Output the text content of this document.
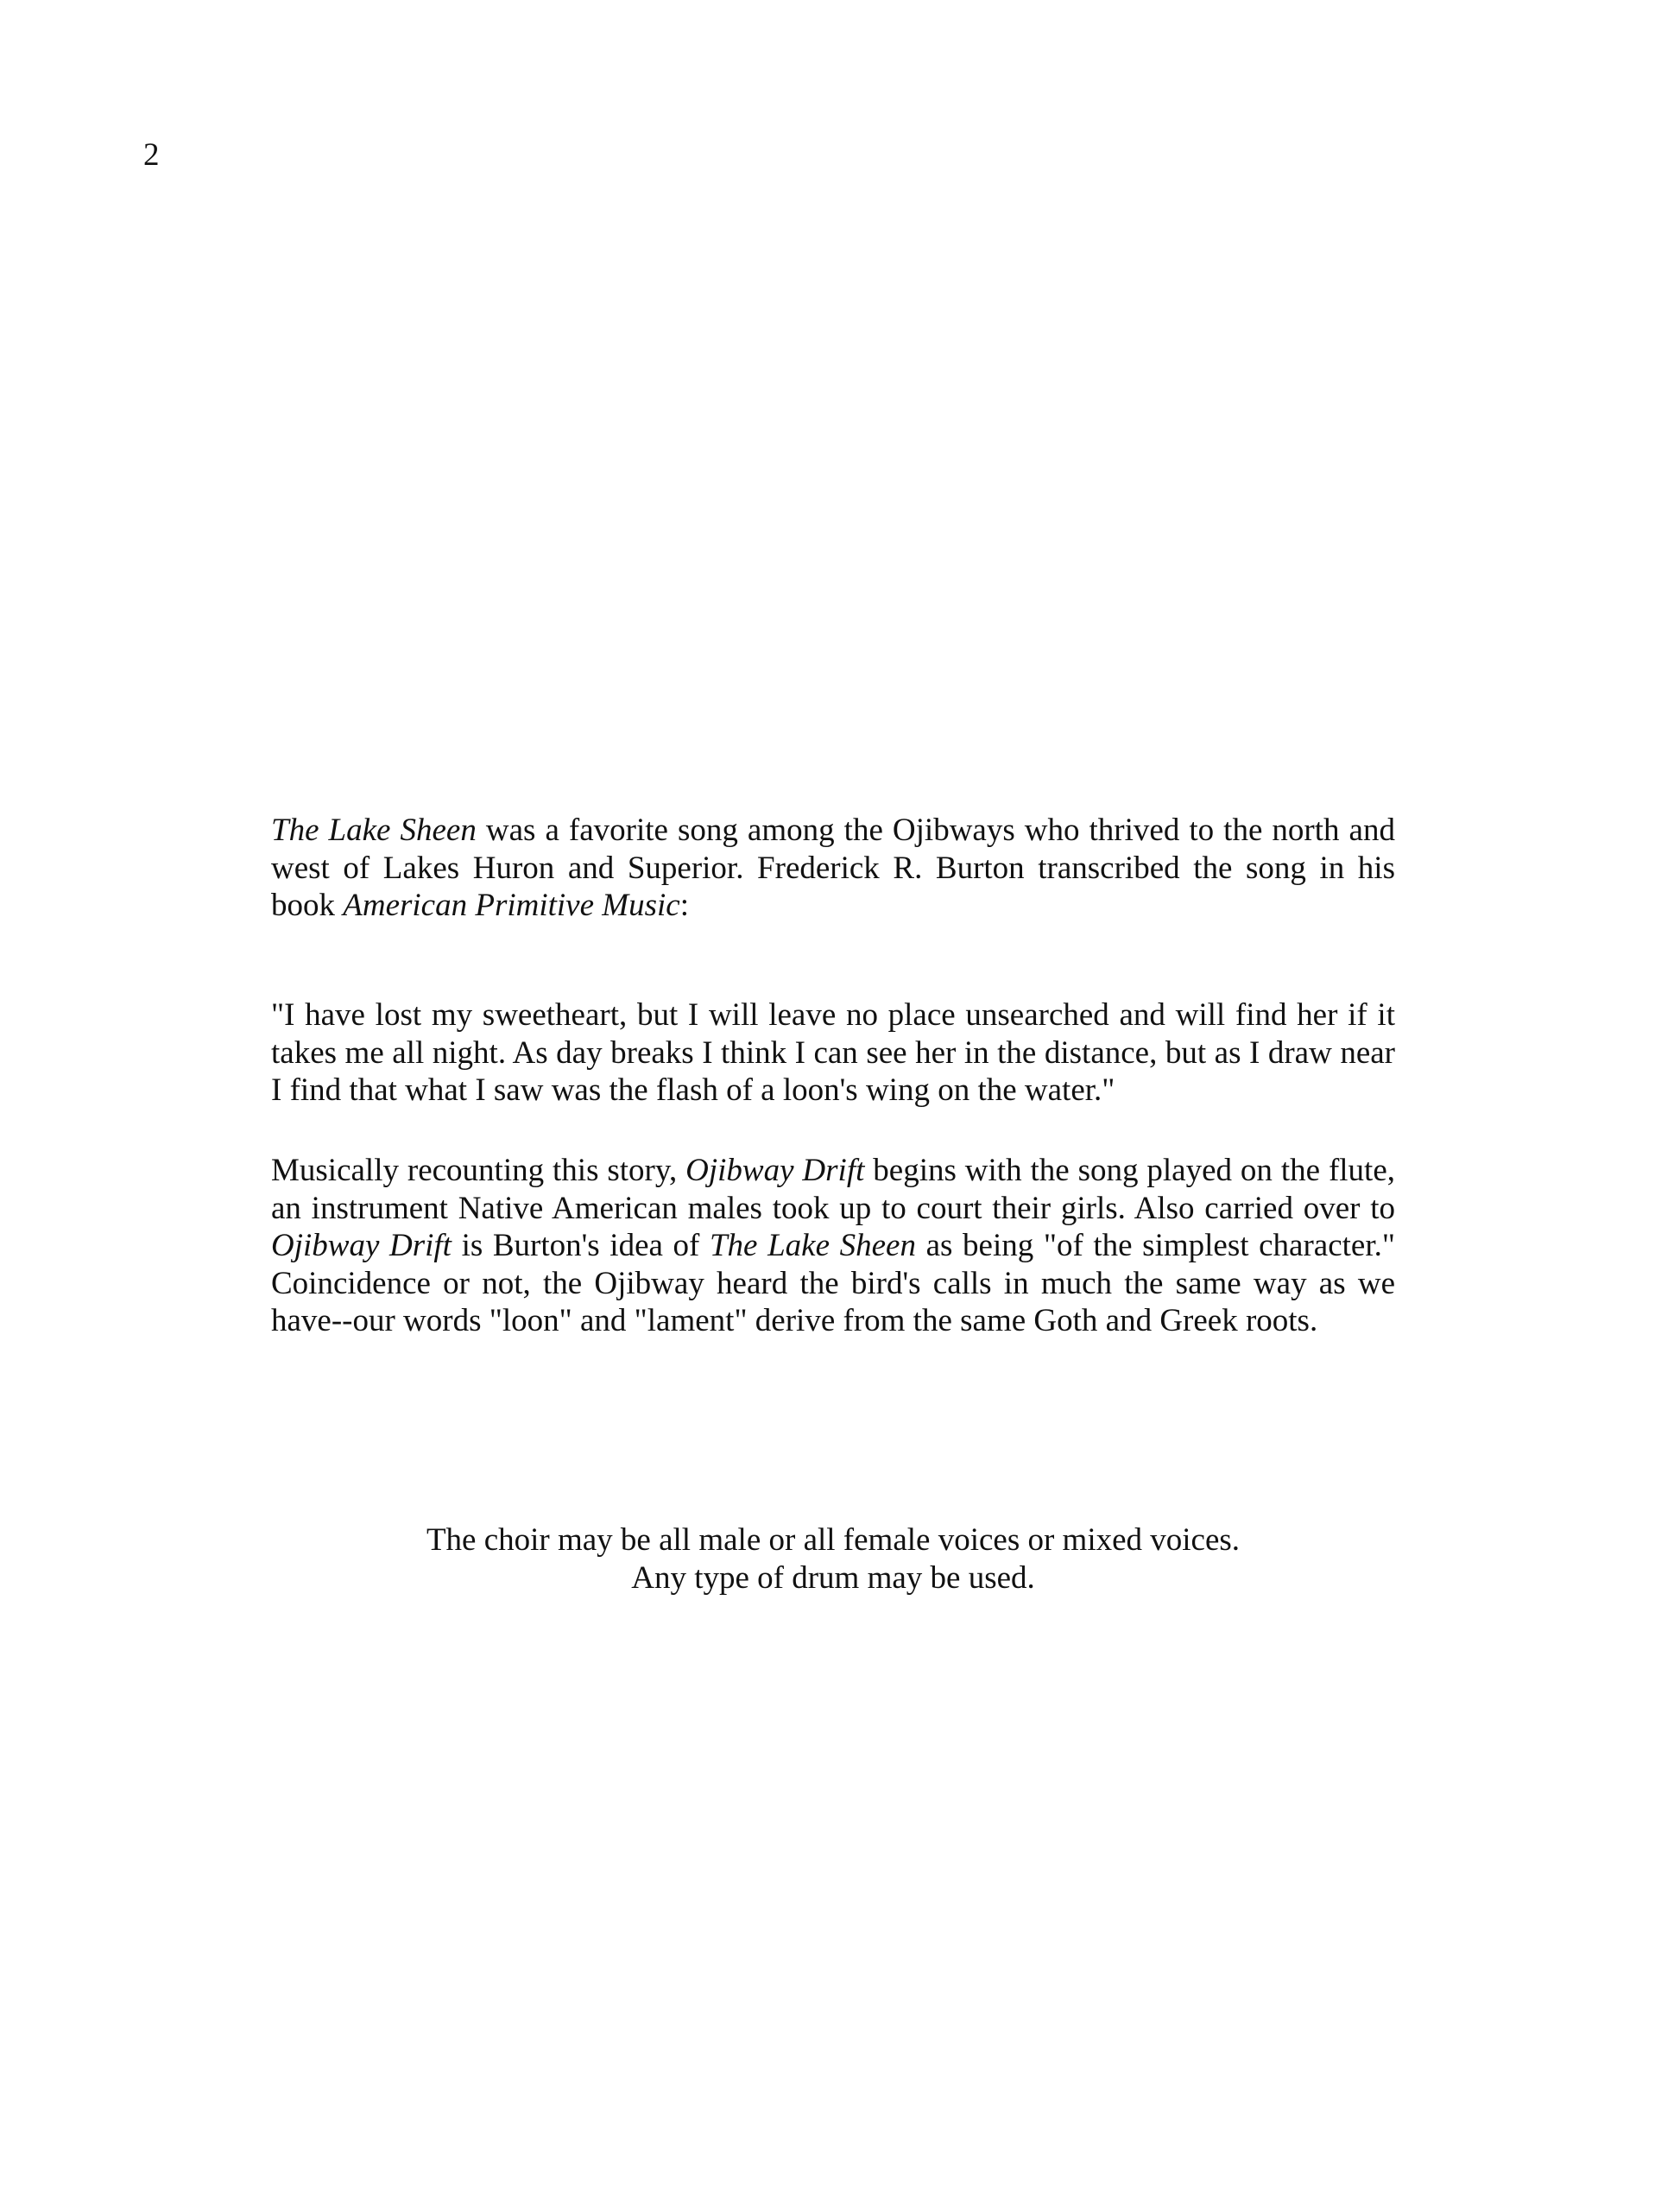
2

The Lake Sheen was a favorite song among the Ojibways who thrived to the north and west of Lakes Huron and Superior. Frederick R. Burton transcribed the song in his book American Primitive Music:

"I have lost my sweetheart, but I will leave no place unsearched and will find her if it takes me all night. As day breaks I think I can see her in the distance, but as I draw near I find that what I saw was the flash of a loon's wing on the water."

Musically recounting this story, Ojibway Drift begins with the song played on the flute, an instrument Native American males took up to court their girls. Also carried over to Ojibway Drift is Burton's idea of The Lake Sheen as being "of the simplest character." Coincidence or not, the Ojibway heard the bird's calls in much the same way as we have--our words "loon" and "lament" derive from the same Goth and Greek roots.

The choir may be all male or all female voices or mixed voices.
Any type of drum may be used.
